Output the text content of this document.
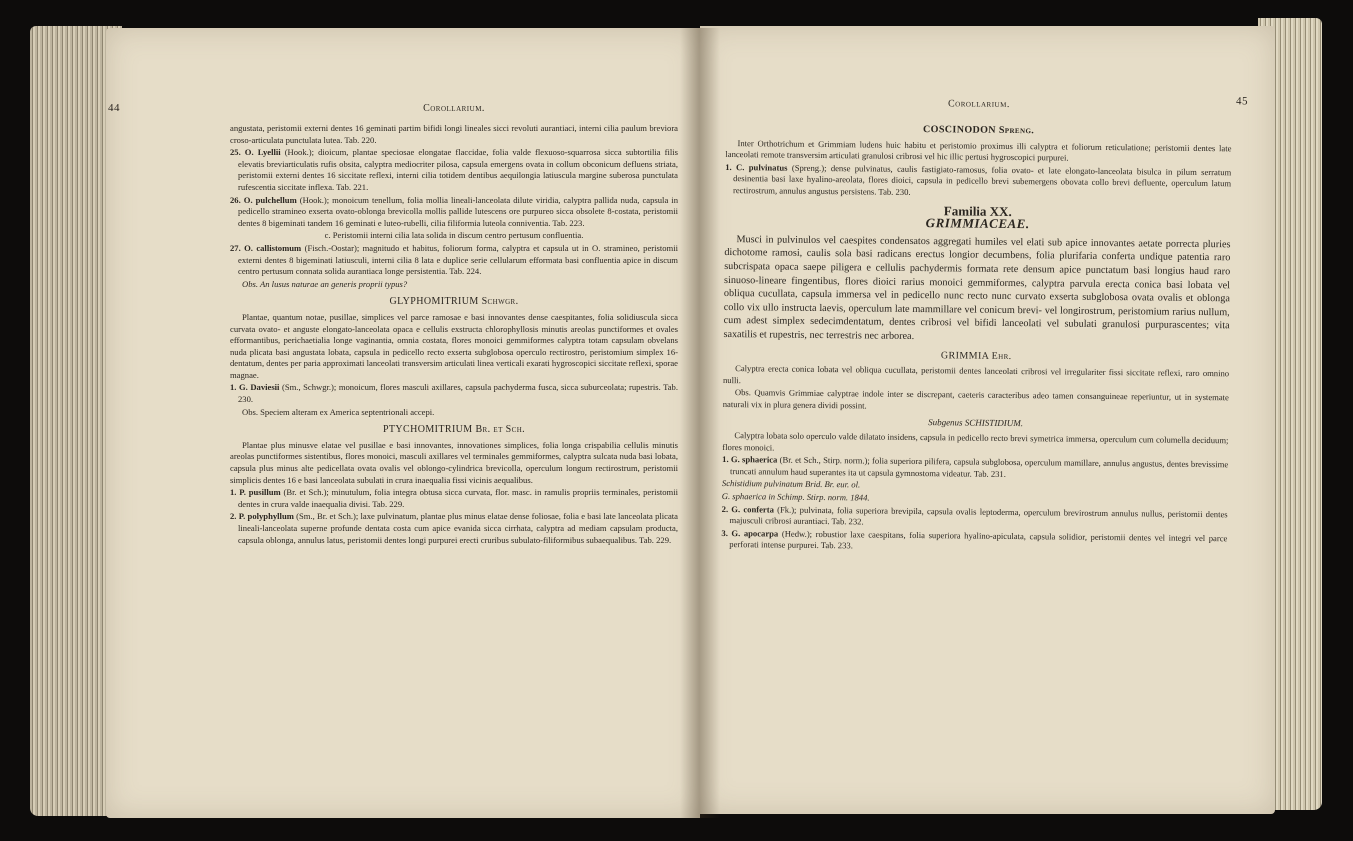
44	Corollarium.

angustata, peristomii externi dentes 16 geminati partim bifidi longi lineales sicci revoluti aurantiaci, interni cilia paulum breviora croso-articulata punctulata lutea. Tab. 220.

25. O. Lyellii (Hook.); dioicum, plantae speciosae elongatae flaccidae, folia valde flexuoso-squarrosa sicca subtortilia filis elevatis breviarticulatis rufis obsita, calyptra mediocriter pilosa, capsula emergens ovata in collum obconicum defluens striata, peristomii externi dentes 16 siccitate reflexi, interni cilia totidem dentibus aequilongia latiuscula margine suberosa punctulata rufescentia siccitate inflexa. Tab. 221.

26. O. pulchellum (Hook.); monoicum tenellum, folia mollia lineali-lanceolata dilute viridia, calyptra pallida nuda, capsula in pedicello stramineo exserta ovato-oblonga brevicolla mollis pallide lutescens ore purpureo sicca obsolete 8-costata, peristomii dentes 8 bigeminati tandem 16 geminati e luteo-rubelli, cilia filiformia luteola conniventia. Tab. 223.

c. Peristomii interni cilia lata solida in discum centro pertusum confluentia.

27. O. callistomum (Fisch.-Oostar); magnitudo et habitus, foliorum forma, calyptra et capsula ut in O. stramineo, peristomii externi dentes 8 bigeminati latiusculi, interni cilia 8 lata e duplice serie cellularum efformata basi confluentia apice in discum centro pertusum connata solida aurantiaca longe persistentia. Tab. 224.

Obs. An lusus naturae an generis proprii typus?

GLYPHOMITRIUM Schwgr.

Plantae, quantum notae, pusillae, simplices vel parce ramosae e basi innovantes dense caespitantes, folia solidiuscula sicca curvata ovato- et anguste elongato-lanceolata opaca e cellulis exstructa chlorophyllosis minutis areolas punctiformes et ovales efformantibus, perichaetialia longe vaginantia, omnia costata, flores monoici gemmiformes calyptra totam capsulam obvelans nuda plicata basi angustata lobata, capsula in pedicello recto exserta subglobosa operculo rectirostro, peristomium simplex 16-dentatum, dentes per paria approximati lanceolati transversim articulati linea verticali exarati hygroscopici siccitate reflexi, sporae magnae.

1. G. Daviesii (Sm., Schwgr.); monoicum, flores masculi axillares, capsula pachyderma fusca, sicca suburceolata; rupestris. Tab. 230.

Obs. Speciem alteram ex America septentrionali accepi.

PTYCHOMITRIUM Br. et Sch.

Plantae plus minusve elatae vel pusillae e basi innovantes, innovationes simplices, folia longa crispabilia cellulis minutis areolas punctiformes sistentibus, flores monoici, masculi axillares vel terminales gemmiformes, calyptra sulcata nuda basi lobata, capsula plus minus alte pedicellata ovata ovalis vel oblongo-cylindrica brevicolla, operculum longum rectirostrum, peristomii simplicis dentes 16 e basi lanceolata subulati in crura inaequalia fissi vicinis aequalibus.

1. P. pusillum (Br. et Sch.); minutulum, folia integra obtusa sicca curvata, flor. masc. in ramulis propriis terminales, peristomii dentes in crura valde inaequalia divisi. Tab. 229.

2. P. polyphyllum (Sm., Br. et Sch.); laxe pulvinatum, plantae plus minus elatae dense foliosae, folia e basi late lanceolata plicata lineali-lanceolata superne profunde dentata costa cum apice evanida sicca cirrhata, calyptra ad mediam capsulam producta, capsula oblonga, annulus latus, peristomii dentes longi purpurei erecti cruribus subulato-filiformibus subaequalibus. Tab. 229.

Corollarium.	45
COSCINODON Spreng.

Inter Orthotrichum et Grimmiam ludens huic habitu et peristomio proximus illi calyptra et foliorum reticulatione; peristomii dentes late lanceolati remote transversim articulati granulosi cribrosi vel hic illic pertusi hygroscopici purpurei.

1. C. pulvinatus (Spreng.); dense pulvinatus, caulis fastigiato-ramosus, folia ovato- et late elongato-lanceolata bisulca in pilum serratum desinentia basi laxe hyalino-areolata, flores dioici, capsula in pedicello brevi subemergens obovata collo brevi defluente, operculum latum rectirostrum, annulus angustus persistens. Tab. 230.

Familia XX.
GRIMMIACEAE.

Musci in pulvinulos vel caespites condensatos aggregati humiles vel elati sub apice innovantes aetate porrecta pluries dichotome ramosi, caulis sola basi radicans erectus longior decumbens, folia plurifaria conferta undique patentia raro subcrispata opaca saepe piligera e cellulis pachydermis formata rete densum apice punctatum basi longius haud raro sinuoso-lineare fingentibus, flores dioici rarius monoici gemmiformes, calyptra parvula erecta conica basi lobata vel obliqua cucullata, capsula immersa vel in pedicello nunc recto nunc curvato exserta subglobosa ovata ovalis et oblonga collo vix ullo instructa laevis, operculum late mammillare vel conicum brevi- vel longirostrum, peristomium rarius nullum, cum adest simplex sedecimdentatum, dentes cribrosi vel bifidi lanceolati vel subulati granulosi purpurascentes; vita saxatilis et rupestris, nec terrestris nec arborea.

GRIMMIA Ehr.

Calyptra erecta conica lobata vel obliqua cucullata, peristomii dentes lanceolati cribrosi vel irregulariter fissi siccitate reflexi, raro omnino nulli.

Obs. Quamvis Grimmiae calyptrae indole inter se discrepant, caeteris caracteribus adeo tamen consanguineae reperiuntur, ut in systemate naturali vix in plura genera dividi possint.

Subgenus SCHISTIDIUM.

Calyptra lobata solo operculo valde dilatato insidens, capsula in pedicello recto brevi symetrica immersa, operculum cum columella deciduum; flores monoici.

1. G. sphaerica (Br. et Sch., Stirp. norm.); folia superiora pilifera, capsula subglobosa, operculum mamillare, annulus angustus, dentes brevissime truncati annulum haud superantes ita ut capsula gymnostoma videatur. Tab. 231.

Schistidium pulvinatum Brid. Br. eur. ol.

G. sphaerica in Schimp. Stirp. norm. 1844.

2. G. conferta (Fk.); pulvinata, folia superiora brevipila, capsula ovalis leptoderma, operculum brevirostrum annulus nullus, peristomii dentes majusculi cribrosi aurantiaci. Tab. 232.

3. G. apocarpa (Hedw.); robustior laxe caespitans, folia superiora hyalino-apiculata, capsula solidior, peristomii dentes vel integri vel parce perforati intense purpurei. Tab. 233.
